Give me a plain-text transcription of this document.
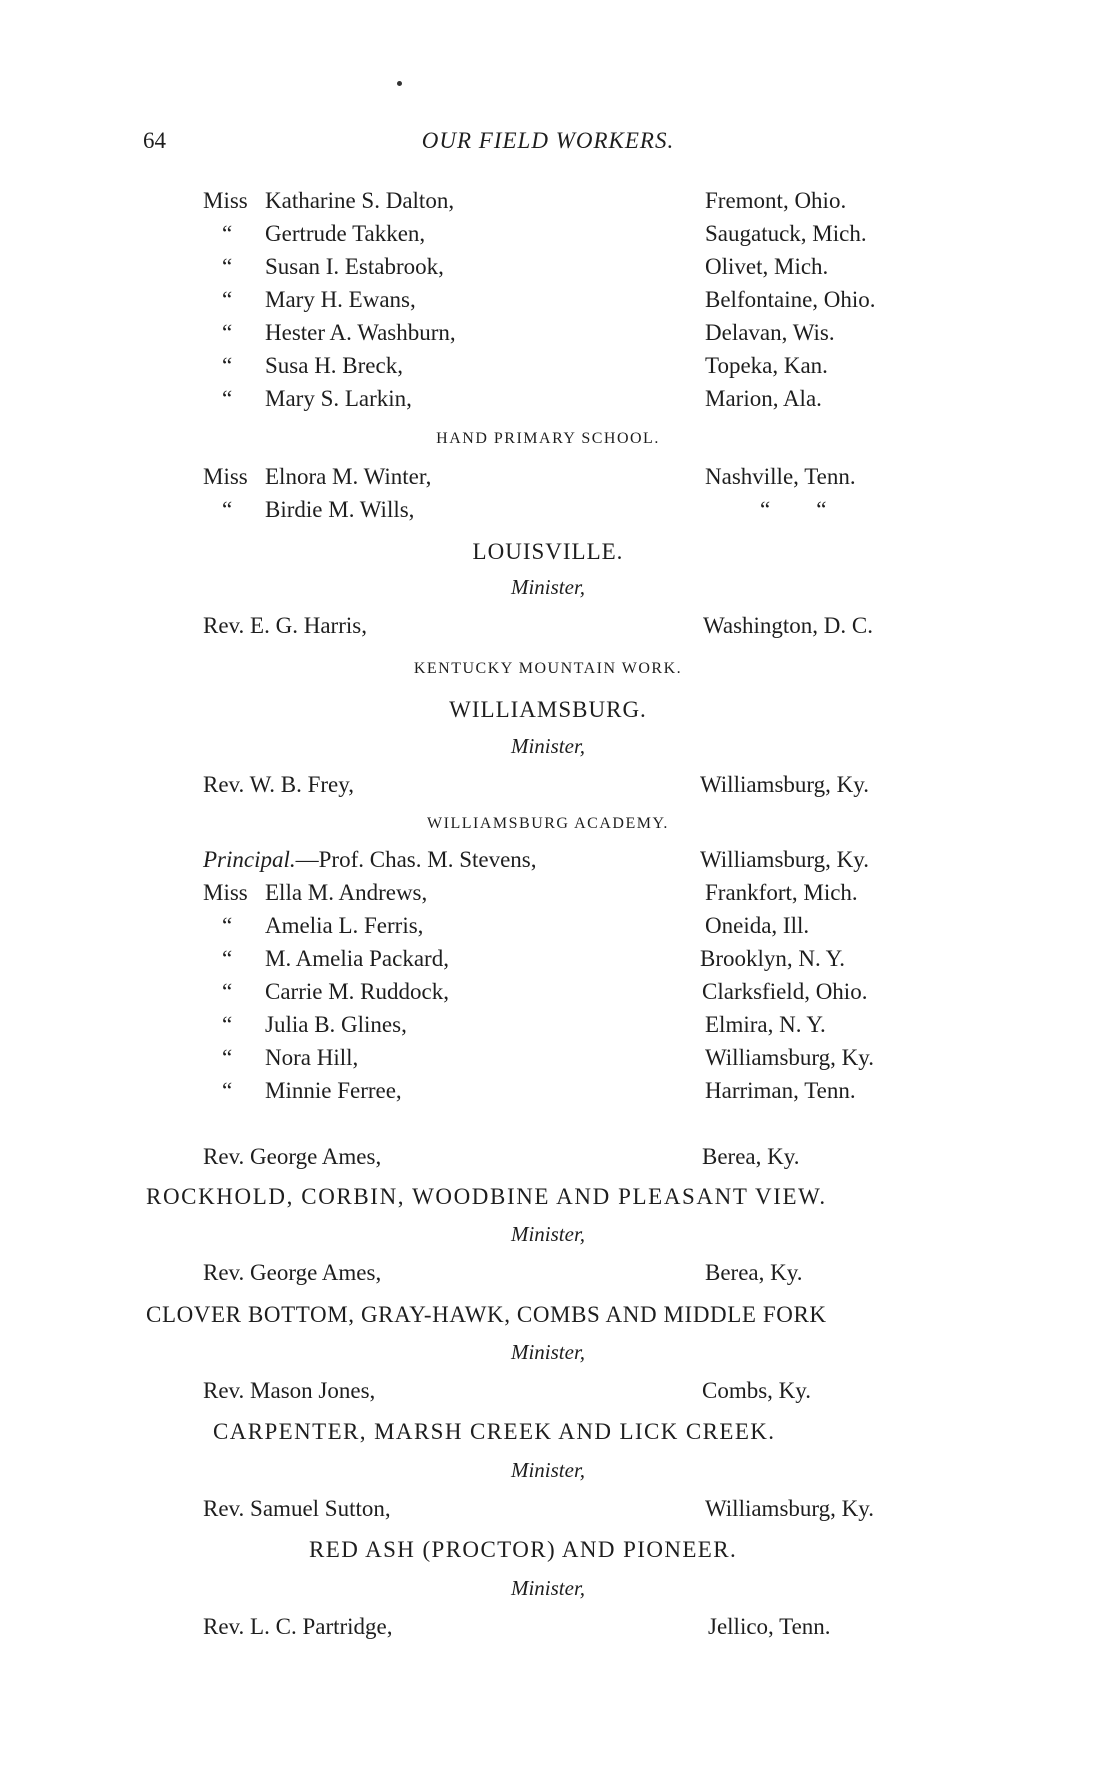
64	OUR FIELD WORKERS.
Miss Katharine S. Dalton,	Fremont, Ohio.
“ Gertrude Takken,	Saugatuck, Mich.
“ Susan I. Estabrook,	Olivet, Mich.
“ Mary H. Ewans,	Belfontaine, Ohio.
“ Hester A. Washburn,	Delavan, Wis.
“ Susa H. Breck,	Topeka, Kan.
“ Mary S. Larkin,	Marion, Ala.
HAND PRIMARY SCHOOL.
Miss Elnora M. Winter,	Nashville, Tenn.
“ Birdie M. Wills,	“        “
LOUISVILLE.
Minister,
Rev. E. G. Harris,	Washington, D. C.
KENTUCKY MOUNTAIN WORK.
WILLIAMSBURG.
Minister,
Rev. W. B. Frey,	Williamsburg, Ky.
WILLIAMSBURG ACADEMY.
Principal.—Prof. Chas. M. Stevens,	Williamsburg, Ky.
Miss Ella M. Andrews,	Frankfort, Mich.
“ Amelia L. Ferris,	Oneida, Ill.
“ M. Amelia Packard,	Brooklyn, N. Y.
“ Carrie M. Ruddock,	Clarksfield, Ohio.
“ Julia B. Glines,	Elmira, N. Y.
“ Nora Hill,	Williamsburg, Ky.
“ Minnie Ferree,	Harriman, Tenn.
Rev. George Ames,	Berea, Ky.
ROCKHOLD, CORBIN, WOODBINE AND PLEASANT VIEW.
Minister,
Rev. George Ames,	Berea, Ky.
CLOVER BOTTOM, GRAY-HAWK, COMBS AND MIDDLE FORK
Minister,
Rev. Mason Jones,	Combs, Ky.
CARPENTER, MARSH CREEK AND LICK CREEK.
Minister,
Rev. Samuel Sutton,	Williamsburg, Ky.
RED ASH (PROCTOR) AND PIONEER.
Minister,
Rev. L. C. Partridge,	Jellico, Tenn.
